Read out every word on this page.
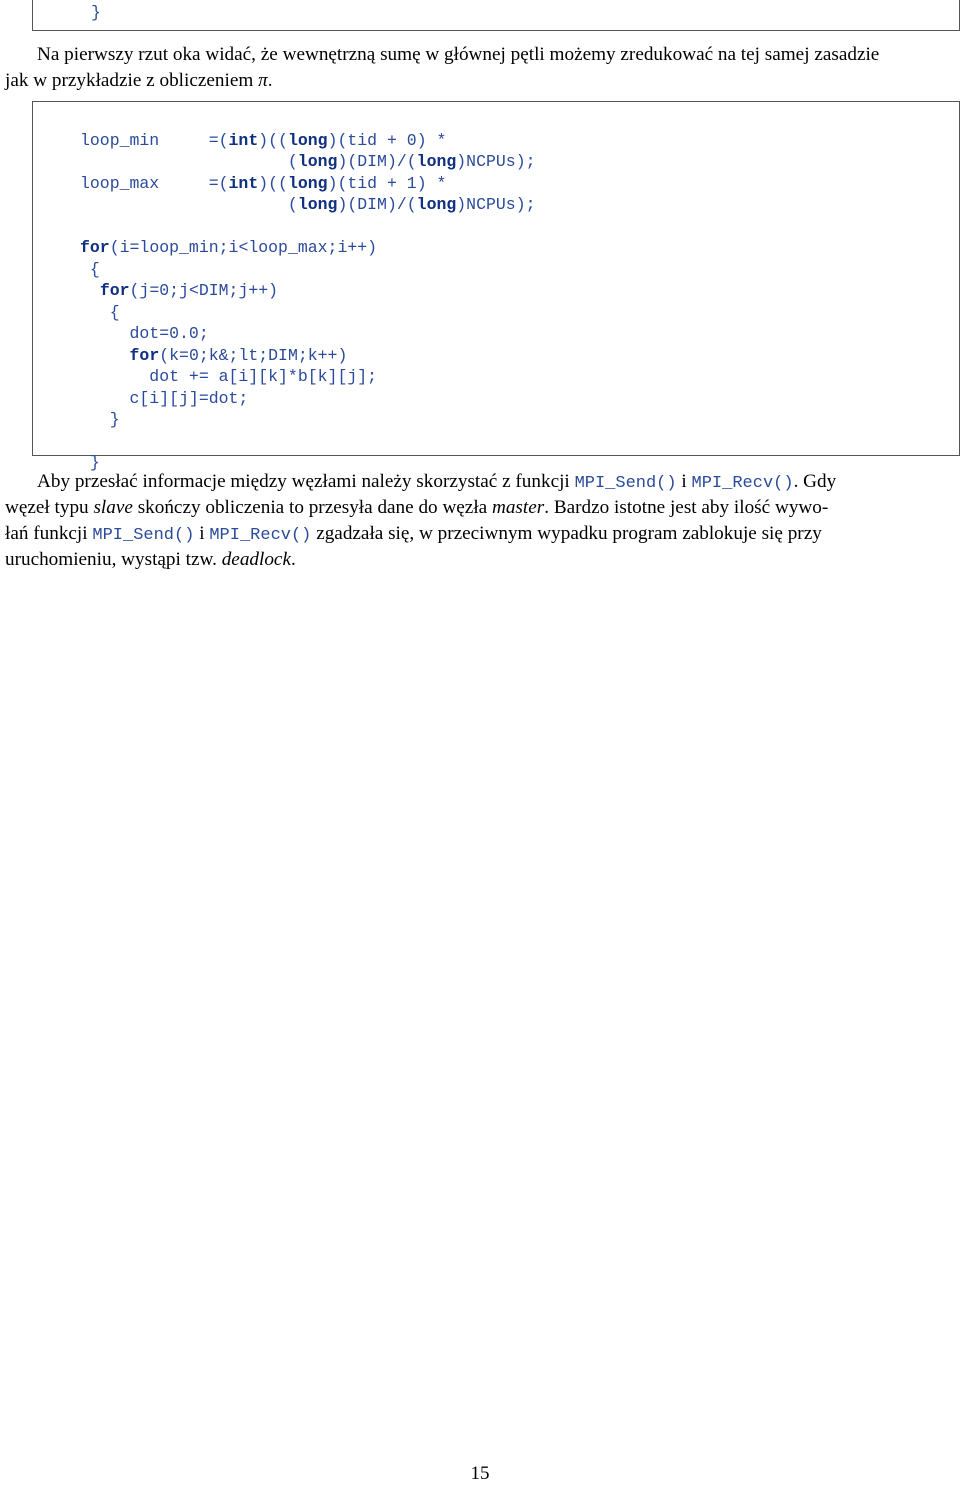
}
Na pierwszy rzut oka widać, że wewnętrzną sumę w głównej pętli możemy zredukować na tej samej zasadzie
jak w przykładzie z obliczeniem π.

loop_min     =(int)((long)(tid + 0) *
(long)(DIM)/(long)NCPUs);
loop_max     =(int)((long)(tid + 1) *
(long)(DIM)/(long)NCPUs);

for(i=loop_min;i<loop_max;i++)
{
for(j=0;j<DIM;j++)
{
dot=0.0;
for(k=0;k&;lt;DIM;k++)
dot += a[i][k]*b[k][j];
c[i][j]=dot;
}

}

Aby przesłać informacje między węzłami należy skorzystać z funkcji MPI_Send() i MPI_Recv(). Gdy
węzeł typu slave skończy obliczenia to przesyła dane do węzła master. Bardzo istotne jest aby ilość wywo-
łań funkcji MPI_Send() i MPI_Recv() zgadzała się, w przeciwnym wypadku program zablokuje się przy
uruchomieniu, wystąpi tzw. deadlock.
15
